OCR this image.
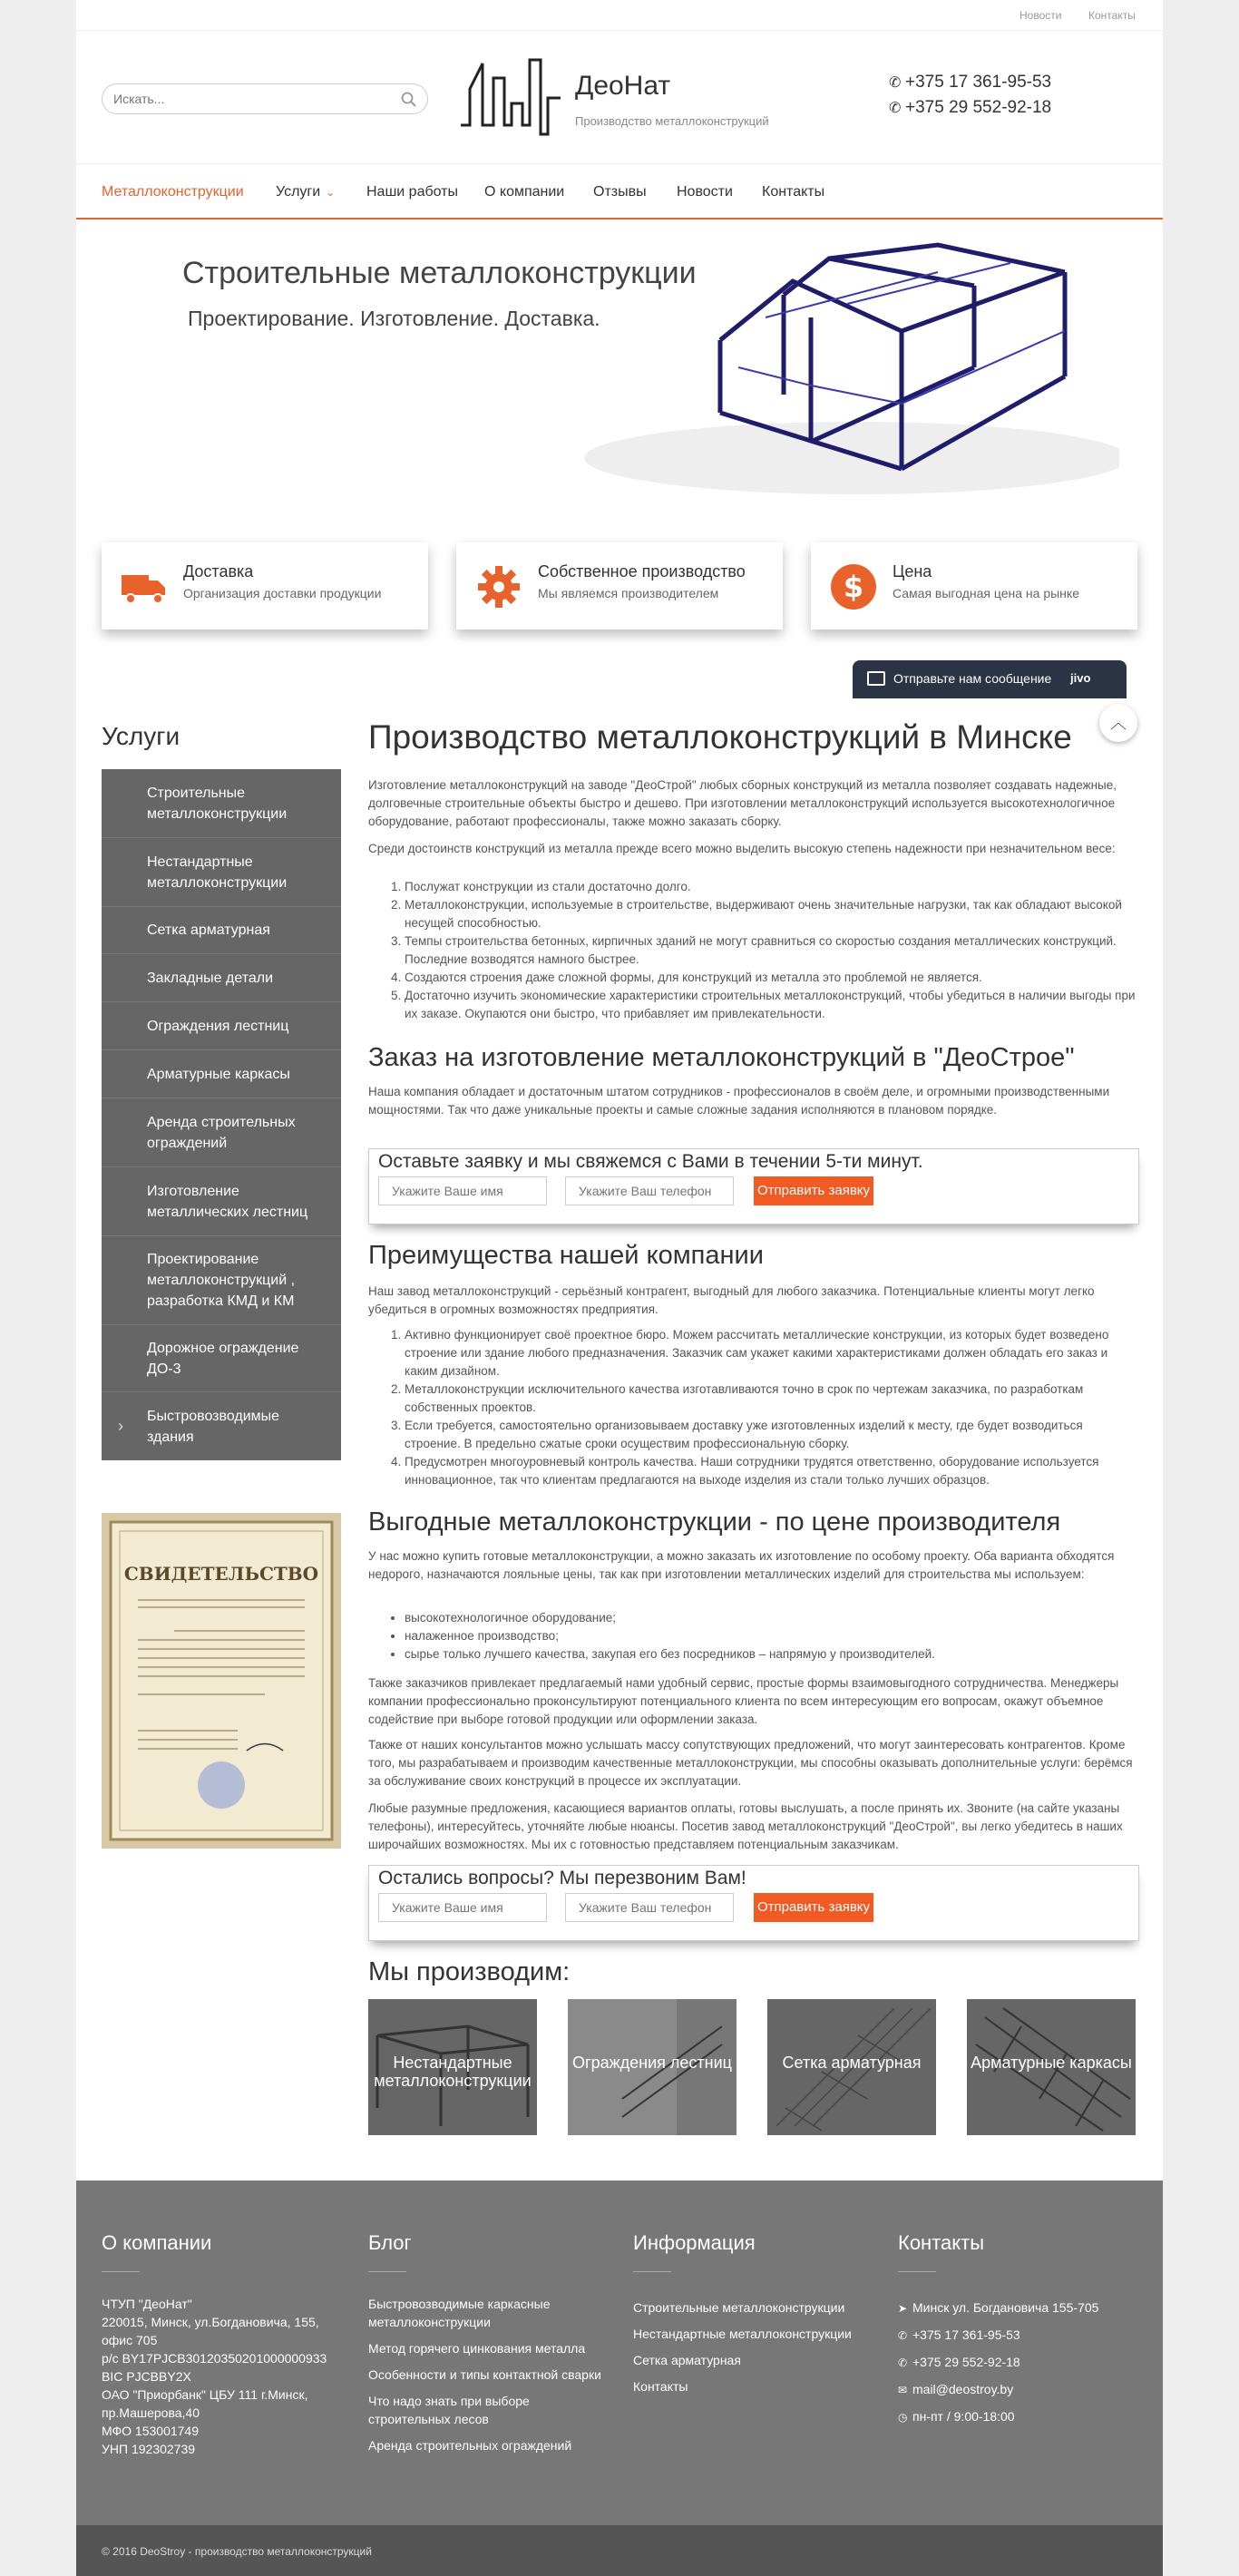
Новости Контакты
Искать...
ДеоНат
Производство металлоконструкций
✆ +375 17 361-95-53
✆ +375 29 552-92-18
Металлоконструкции Услуги ⌄ Наши работы О компании Отзывы Новости Контакты
Строительные металлоконструкции
Проектирование. Изготовление. Доставка.
Доставка
Организация доставки продукции
Собственное производство
Мы являемся производителем	$ Цена
Самая выгодная цена на рынке
Услуги
Строительные металлоконструкции
Нестандартные металлоконструкции
Сетка арматурная
Закладные детали
Ограждения лестниц
Арматурные каркасы
Аренда строительных ограждений
Изготовление металлических лестниц
Проектирование металлоконструкций , разработка КМД и КМ
Дорожное ограждение ДО-3
›
Быстровозводимые здания
СВИДЕТЕЛЬСТВО
Производство металлоконструкций в Минске
Изготовление металлоконструкций на заводе "ДеоСтрой" любых сборных конструкций из металла позволяет создавать надежные, долговечные строительные объекты быстро и дешево. При изготовлении металлоконструкций используется высокотехнологичное оборудование, работают профессионалы, также можно заказать сборку.
Среди достоинств конструкций из металла прежде всего можно выделить высокую степень надежности при незначительном весе:
1. Послужат конструкции из стали достаточно долго.
2. Металлоконструкции, используемые в строительстве, выдерживают очень значительные нагрузки, так как обладают высокой несущей способностью.
3. Темпы строительства бетонных, кирпичных зданий не могут сравниться со скоростью создания металлических конструкций. Последние возводятся намного быстрее.
4. Создаются строения даже сложной формы, для конструкций из металла это проблемой не является.
5. Достаточно изучить экономические характеристики строительных металлоконструкций, чтобы убедиться в наличии выгоды при их заказе. Окупаются они быстро, что прибавляет им привлекательности.
Заказ на изготовление металлоконструкций в "ДеоСтрое"
Наша компания обладает и достаточным штатом сотрудников - профессионалов в своём деле, и огромными производственными мощностями. Так что даже уникальные проекты и самые сложные задания исполняются в плановом порядке.
Оставьте заявку и мы свяжемся с Вами в течении 5-ти минут.
Укажите Ваше имя
Укажите Ваш телефон
Отправить заявку
Преимущества нашей компании
Наш завод металлоконструкций - серьёзный контрагент, выгодный для любого заказчика. Потенциальные клиенты могут легко убедиться в огромных возможностях предприятия.
1. Активно функционирует своё проектное бюро. Можем рассчитать металлические конструкции, из которых будет возведено строение или здание любого предназначения. Заказчик сам укажет какими характеристиками должен обладать его заказ и каким дизайном.
2. Металлоконструкции исключительного качества изготавливаются точно в срок по чертежам заказчика, по разработкам собственных проектов.
3. Если требуется, самостоятельно организовываем доставку уже изготовленных изделий к месту, где будет возводиться строение. В предельно сжатые сроки осуществим профессиональную сборку.
4. Предусмотрен многоуровневый контроль качества. Наши сотрудники трудятся ответственно, оборудование используется инновационное, так что клиентам предлагаются на выходе изделия из стали только лучших образцов.
Выгодные металлоконструкции - по цене производителя
У нас можно купить готовые металлоконструкции, а можно заказать их изготовление по особому проекту. Оба варианта обходятся недорого, назначаются лояльные цены, так как при изготовлении металлических изделий для строительства мы используем:
• высокотехнологичное оборудование;
• налаженное производство;
• сырье только лучшего качества, закупая его без посредников – напрямую у производителей.
Также заказчиков привлекает предлагаемый нами удобный сервис, простые формы взаимовыгодного сотрудничества. Менеджеры компании профессионально проконсультируют потенциального клиента по всем интересующим его вопросам, окажут объемное содействие при выборе готовой продукции или оформлении заказа.
Также от наших консультантов можно услышать массу сопутствующих предложений, что могут заинтересовать контрагентов. Кроме того, мы разрабатываем и производим качественные металлоконструкции, мы способны оказывать дополнительные услуги: берёмся за обслуживание своих конструкций в процессе их эксплуатации.
Любые разумные предложения, касающиеся вариантов оплаты, готовы выслушать, а после принять их. Звоните (на сайте указаны телефоны), интересуйтесь, уточняйте любые нюансы. Посетив завод металлоконструкций "ДеоСтрой", вы легко убедитесь в наших широчайших возможностях. Мы их с готовностью представляем потенциальным заказчикам.
Остались вопросы? Мы перезвоним Вам!
Укажите Ваше имя
Укажите Ваш телефон
Отправить заявку
Мы производим:
Нестандартные металлоконструкции
Ограждения лестниц	Сетка арматурная	Арматурные каркасы
О компании
ЧТУП "ДеоНат"
220015, Минск, ул.Богдановича, 155, офис 705
р/с BY17PJCB30120350201000000933
BIC PJCBBY2X
ОАО "Приорбанк" ЦБУ 111 г.Минск, пр.Машерова,40
МФО 153001749
УНП 192302739
Блог
Быстровозводимые каркасные металлоконструкции
Метод горячего цинкования металла
Особенности и типы контактной сварки
Что надо знать при выборе строительных лесов
Аренда строительных ограждений
Информация
Строительные металлоконструкции
Нестандартные металлоконструкции
Сетка арматурная
Контакты
Контакты
➤ Минск ул. Богдановича 155-705
✆ +375 17 361-95-53
✆ +375 29 552-92-18
✉ mail@deostroy.by
◷ пн-пт / 9:00-18:00
© 2016 DeoStroy - производство металлоконструкций
Отправьте нам сообщение jivo
︿
